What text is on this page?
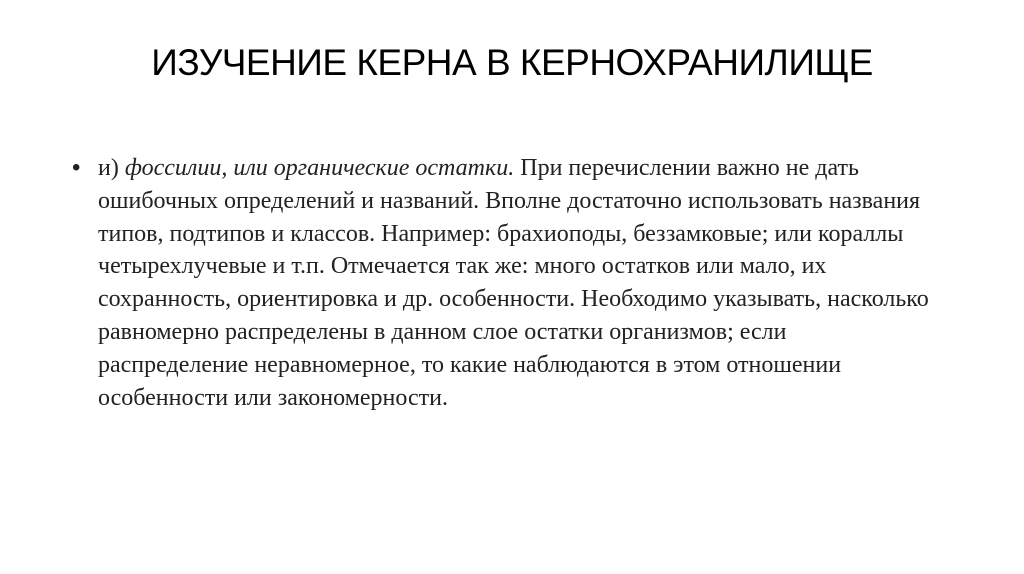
ИЗУЧЕНИЕ КЕРНА В КЕРНОХРАНИЛИЩЕ
• и) фоссилии, или органические остатки. При перечислении важно не дать ошибочных определений и названий. Вполне достаточно использовать названия типов, подтипов и классов. Например: брахиоподы, беззамковые; или кораллы четырехлучевые и т.п. Отмечается так же: много остатков или мало, их сохранность, ориентировка и др. особенности. Необходимо указывать, насколько равномерно распределены в данном слое остатки организмов; если распределение неравномерное, то какие наблюдаются в этом отношении особенности или закономерности.
